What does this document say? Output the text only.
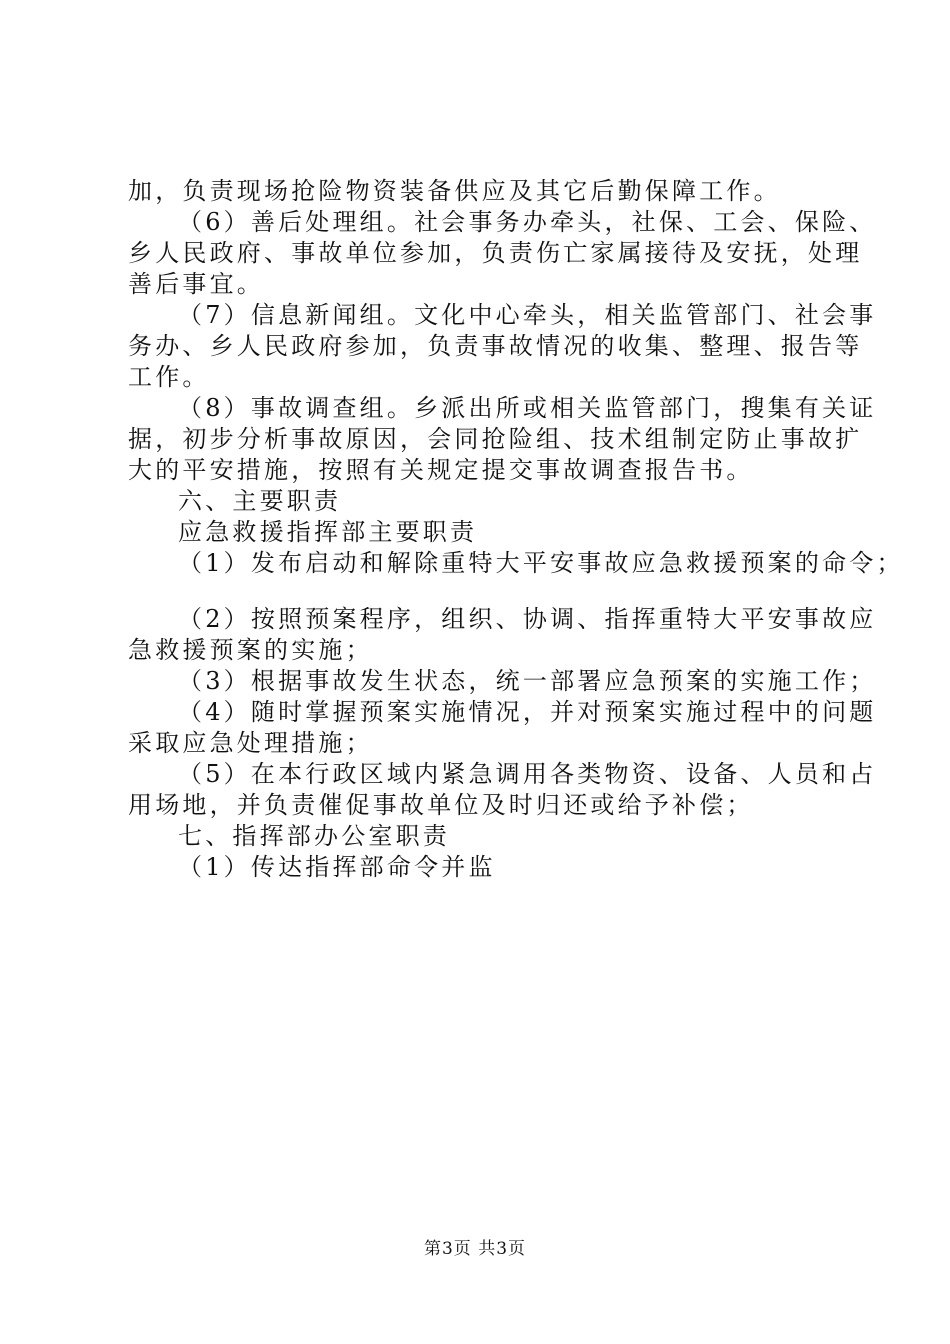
加，负责现场抢险物资装备供应及其它后勤保障工作。
（6）善后处理组。社会事务办牵头，社保、工会、保险、
乡人民政府、事故单位参加，负责伤亡家属接待及安抚，处理
善后事宜。
（7）信息新闻组。文化中心牵头，相关监管部门、社会事
务办、乡人民政府参加，负责事故情况的收集、整理、报告等
工作。
（8）事故调查组。乡派出所或相关监管部门，搜集有关证
据，初步分析事故原因，会同抢险组、技术组制定防止事故扩
大的平安措施，按照有关规定提交事故调查报告书。
六、主要职责
应急救援指挥部主要职责
（1）发布启动和解除重特大平安事故应急救援预案的命令；
（2）按照预案程序，组织、协调、指挥重特大平安事故应
急救援预案的实施；
（3）根据事故发生状态，统一部署应急预案的实施工作；
（4）随时掌握预案实施情况，并对预案实施过程中的问题
采取应急处理措施；
（5）在本行政区域内紧急调用各类物资、设备、人员和占
用场地，并负责催促事故单位及时归还或给予补偿；
七、指挥部办公室职责
（1）传达指挥部命令并监
第3页 共3页
